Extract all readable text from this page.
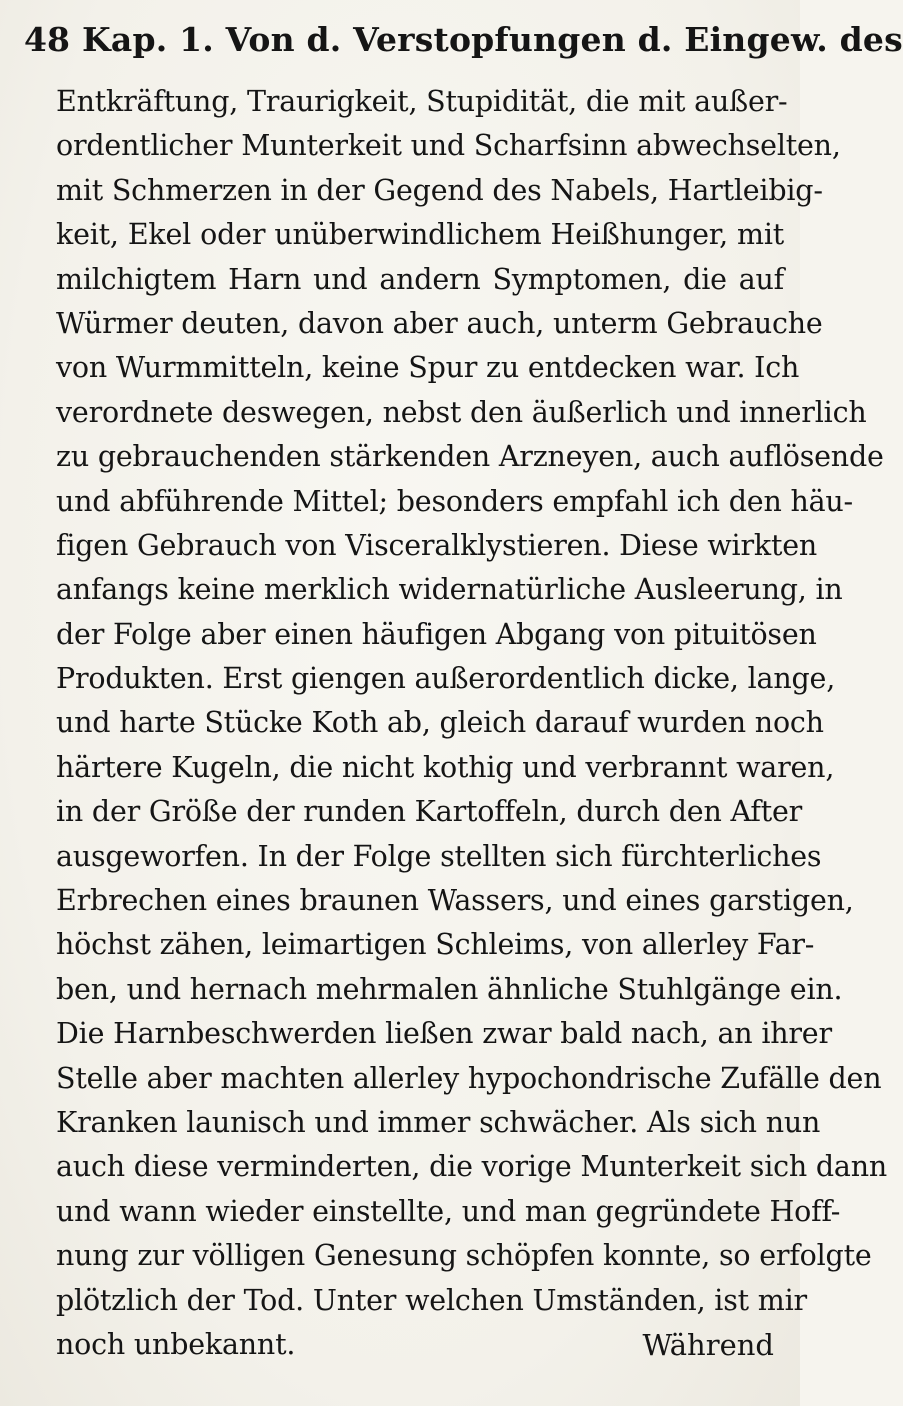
48 Kap. 1. Von d. Verstopfungen d. Eingew. des
Entkräftung, Traurigkeit, Stupidität, die mit außer-
ordentlicher Munterkeit und Scharfsinn abwechselten,
mit Schmerzen in der Gegend des Nabels, Hartleibig-
keit, Ekel oder unüberwindlichem Heißhunger, mit
milchigtem Harn und andern Symptomen, die auf
Würmer deuten, davon aber auch, unterm Gebrauche
von Wurmmitteln, keine Spur zu entdecken war. Ich
verordnete deswegen, nebst den äußerlich und innerlich
zu gebrauchenden stärkenden Arzneyen, auch auflösende
und abführende Mittel; besonders empfahl ich den häu-
figen Gebrauch von Visceralklystieren. Diese wirkten
anfangs keine merklich widernatürliche Ausleerung, in
der Folge aber einen häufigen Abgang von pituitösen
Produkten. Erst giengen außerordentlich dicke, lange,
und harte Stücke Koth ab, gleich darauf wurden noch
härtere Kugeln, die nicht kothig und verbrannt waren,
in der Größe der runden Kartoffeln, durch den After
ausgeworfen. In der Folge stellten sich fürchterliches
Erbrechen eines braunen Wassers, und eines garstigen,
höchst zähen, leimartigen Schleims, von allerley Far-
ben, und hernach mehrmalen ähnliche Stuhlgänge ein.
Die Harnbeschwerden ließen zwar bald nach, an ihrer
Stelle aber machten allerley hypochondrische Zufälle den
Kranken launisch und immer schwächer. Als sich nun
auch diese verminderten, die vorige Munterkeit sich dann
und wann wieder einstellte, und man gegründete Hoff-
nung zur völligen Genesung schöpfen konnte, so erfolgte
plötzlich der Tod. Unter welchen Umständen, ist mir
noch unbekannt.	Während
